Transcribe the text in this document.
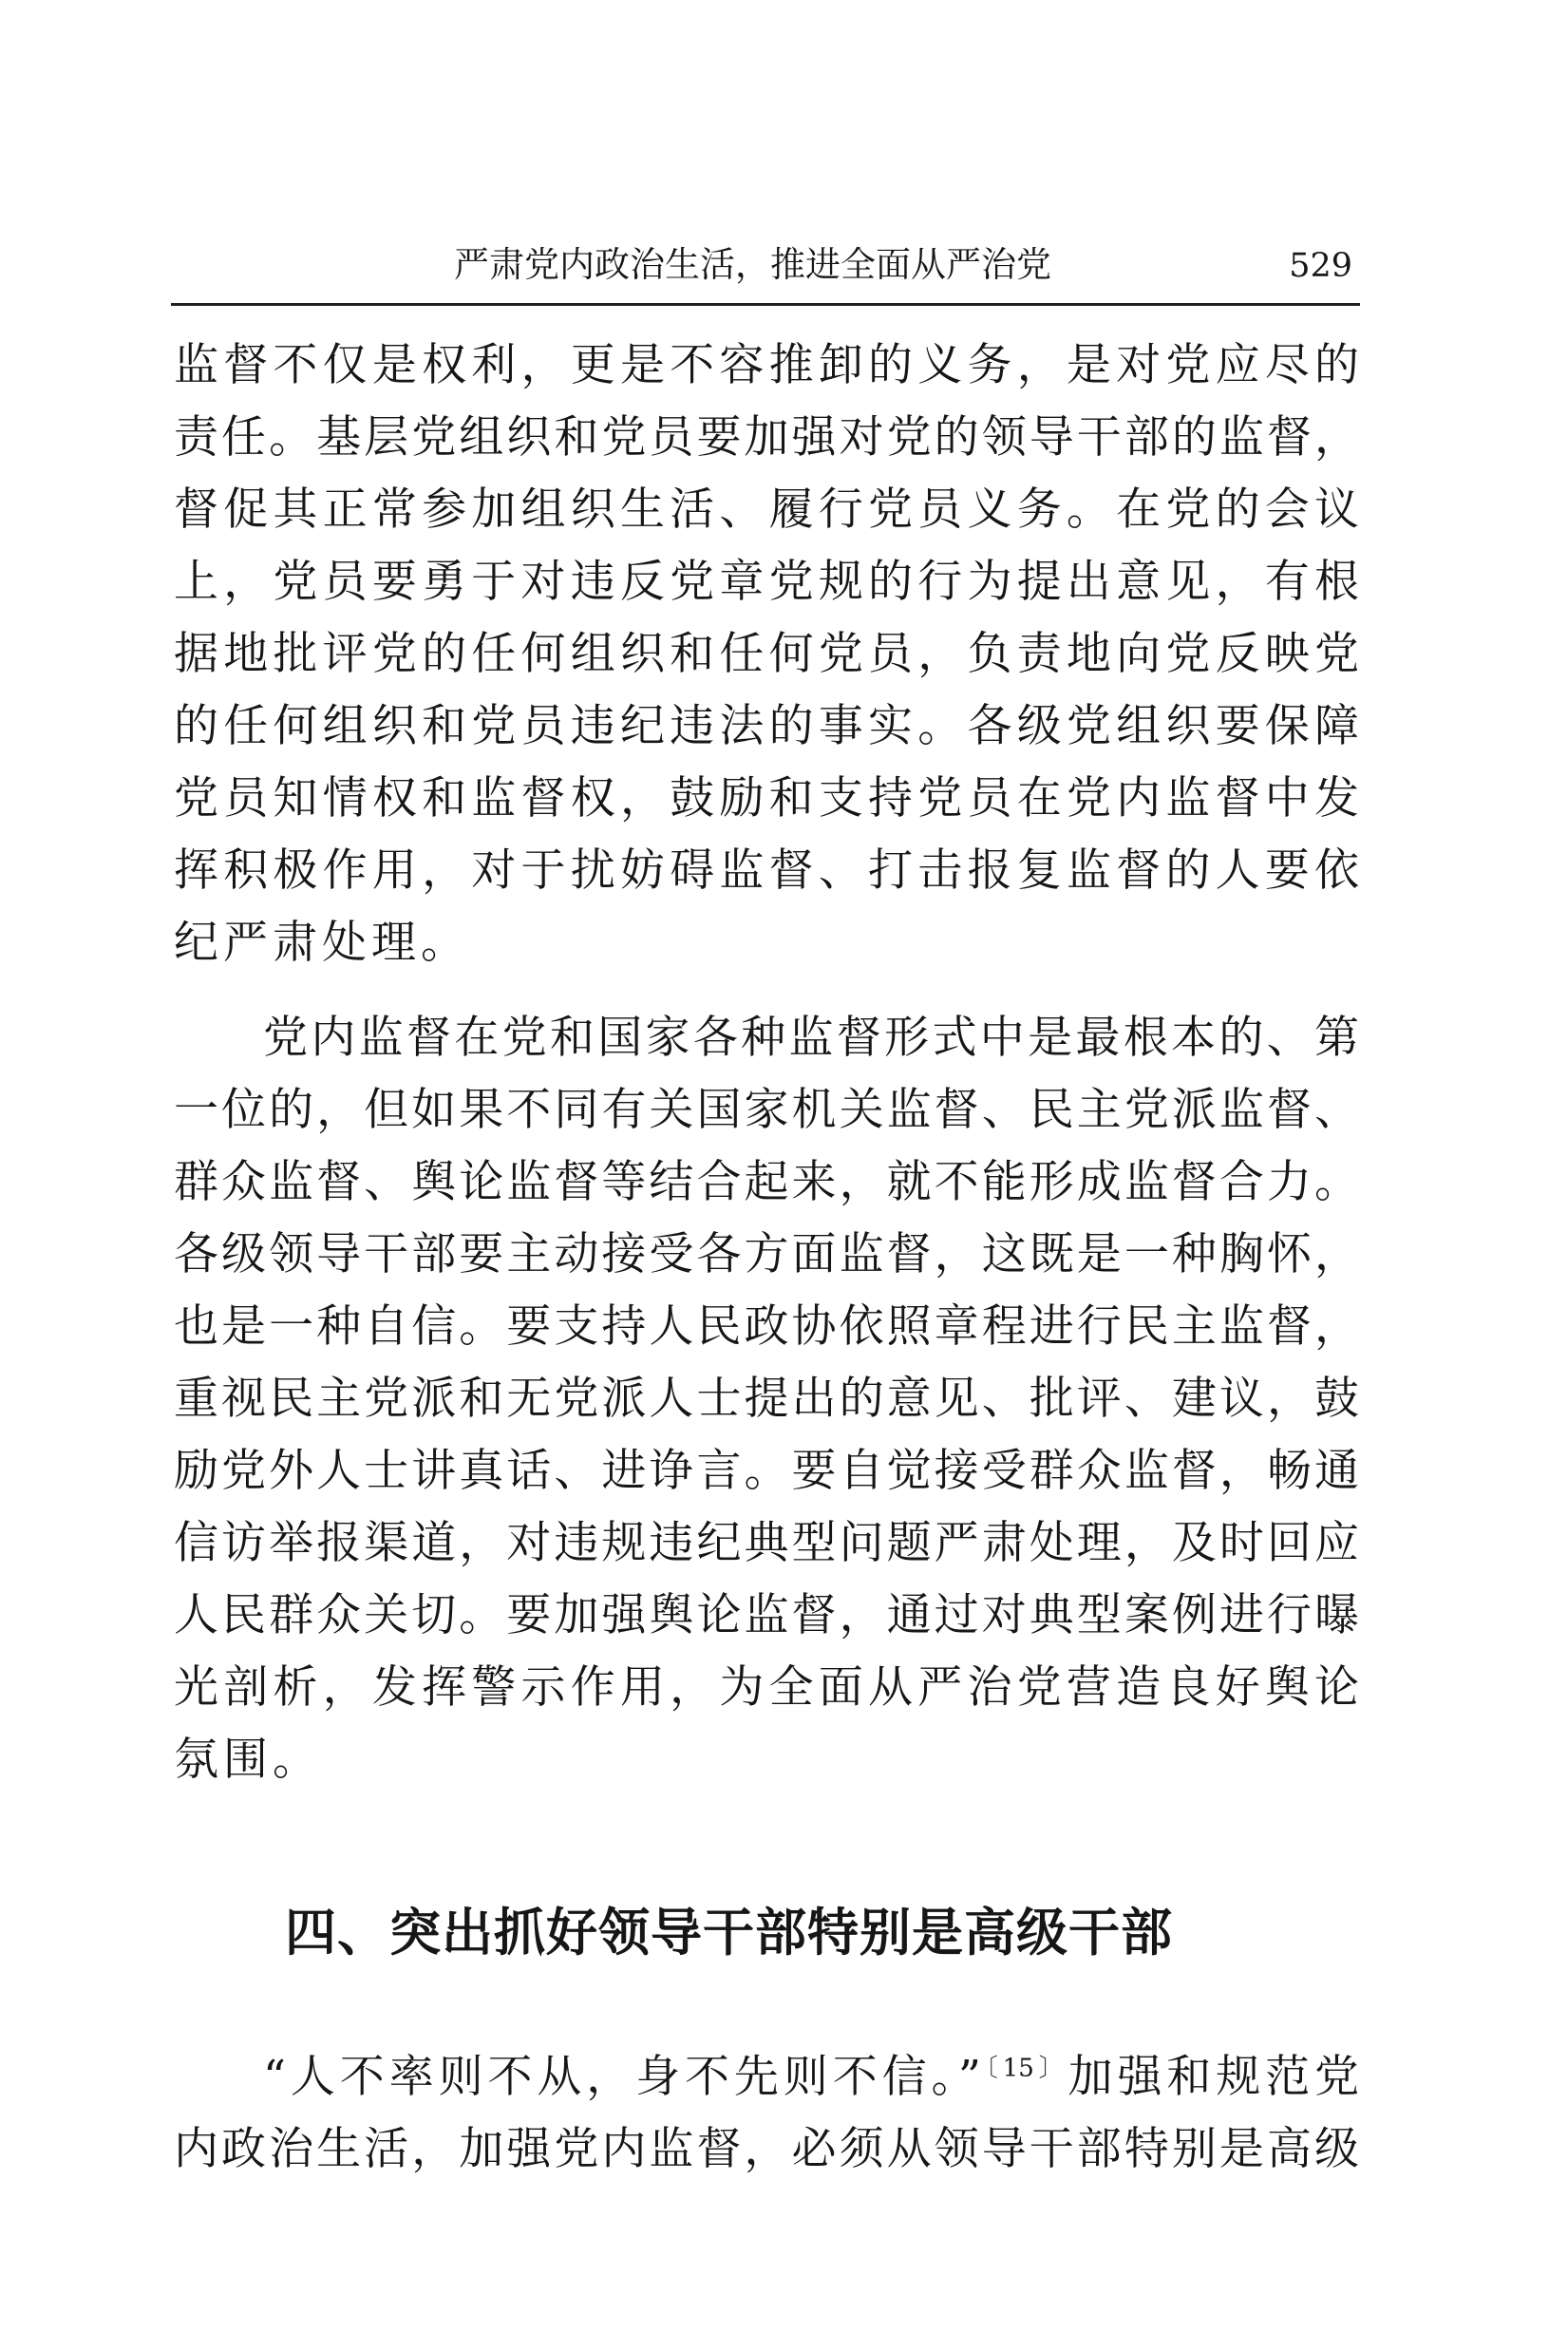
严肃党内政治生活，推进全面从严治党	529
监督不仅是权利，更是不容推卸的义务，是对党应尽的
责任。基层党组织和党员要加强对党的领导干部的监督，
督促其正常参加组织生活、履行党员义务。在党的会议
上，党员要勇于对违反党章党规的行为提出意见，有根
据地批评党的任何组织和任何党员，负责地向党反映党
的任何组织和党员违纪违法的事实。各级党组织要保障
党员知情权和监督权，鼓励和支持党员在党内监督中发
挥积极作用，对于扰妨碍监督、打击报复监督的人要依
纪严肃处理。
党内监督在党和国家各种监督形式中是最根本的、第
一位的，但如果不同有关国家机关监督、民主党派监督、
群众监督、舆论监督等结合起来，就不能形成监督合力。
各级领导干部要主动接受各方面监督，这既是一种胸怀，
也是一种自信。要支持人民政协依照章程进行民主监督，
重视民主党派和无党派人士提出的意见、批评、建议，鼓
励党外人士讲真话、进诤言。要自觉接受群众监督，畅通
信访举报渠道，对违规违纪典型问题严肃处理，及时回应
人民群众关切。要加强舆论监督，通过对典型案例进行曝
光剖析，发挥警示作用，为全面从严治党营造良好舆论
氛围。
四、突出抓好领导干部特别是高级干部
“人不率则不从，身不先则不信。”$^{〔15〕}$加强和规范党
内政治生活，加强党内监督，必须从领导干部特别是高级
